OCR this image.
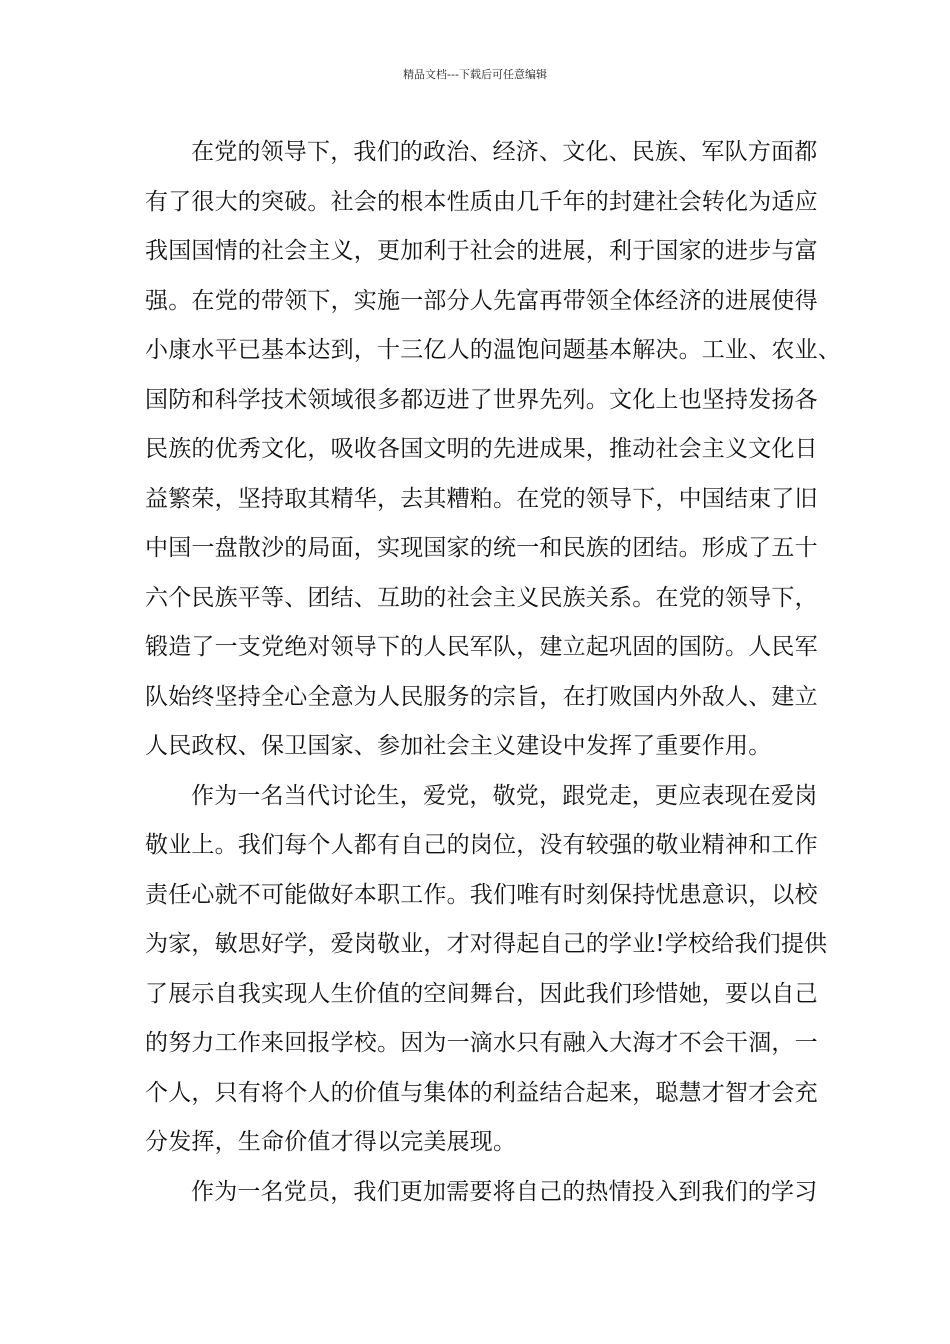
精品文档---下载后可任意编辑
在党的领导下，我们的政治、经济、文化、民族、军队方面都
有了很大的突破。社会的根本性质由几千年的封建社会转化为适应
我国国情的社会主义，更加利于社会的进展，利于国家的进步与富
强。在党的带领下，实施一部分人先富再带领全体经济的进展使得
小康水平已基本达到，十三亿人的温饱问题基本解决。工业、农业、
国防和科学技术领域很多都迈进了世界先列。文化上也坚持发扬各
民族的优秀文化，吸收各国文明的先进成果，推动社会主义文化日
益繁荣，坚持取其精华，去其糟粕。在党的领导下，中国结束了旧
中国一盘散沙的局面，实现国家的统一和民族的团结。形成了五十
六个民族平等、团结、互助的社会主义民族关系。在党的领导下，
锻造了一支党绝对领导下的人民军队，建立起巩固的国防。人民军
队始终坚持全心全意为人民服务的宗旨，在打败国内外敌人、建立
人民政权、保卫国家、参加社会主义建设中发挥了重要作用。
作为一名当代讨论生，爱党，敬党，跟党走，更应表现在爱岗
敬业上。我们每个人都有自己的岗位，没有较强的敬业精神和工作
责任心就不可能做好本职工作。我们唯有时刻保持忧患意识，以校
为家，敏思好学，爱岗敬业，才对得起自己的学业!学校给我们提供
了展示自我实现人生价值的空间舞台，因此我们珍惜她，要以自己
的努力工作来回报学校。因为一滴水只有融入大海才不会干涸，一
个人，只有将个人的价值与集体的利益结合起来，聪慧才智才会充
分发挥，生命价值才得以完美展现。
作为一名党员，我们更加需要将自己的热情投入到我们的学习
